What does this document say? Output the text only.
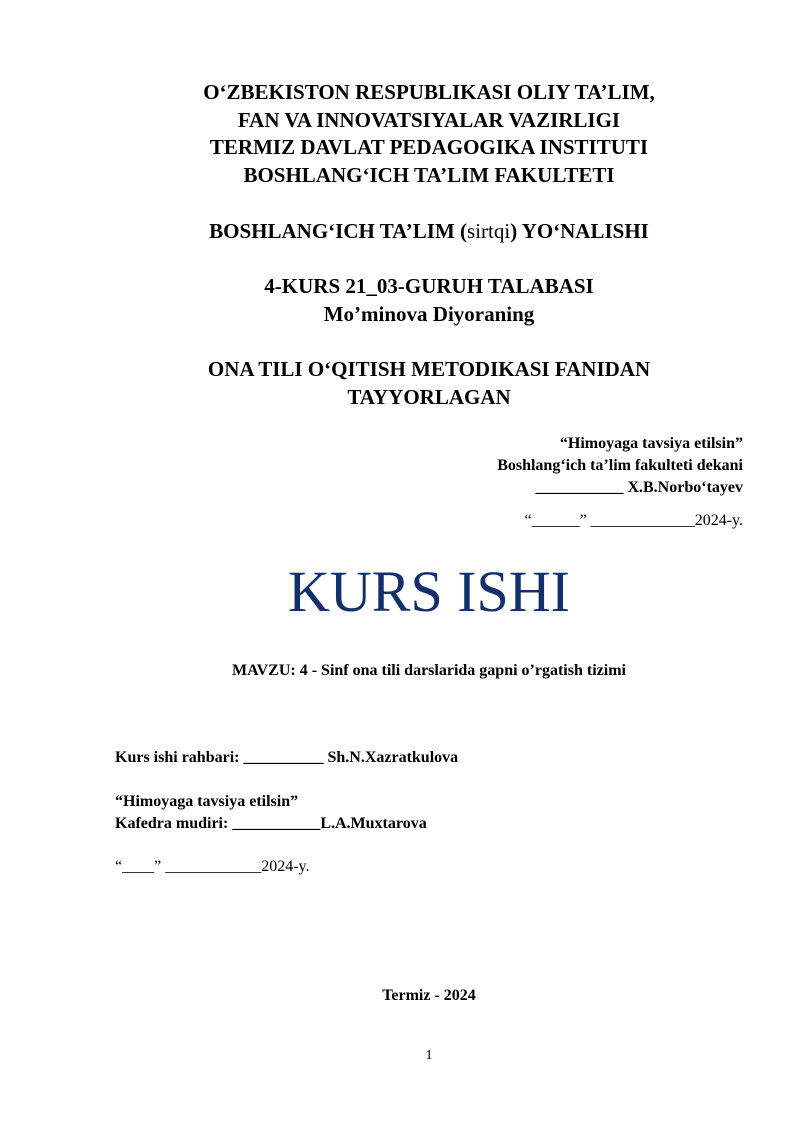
O‘ZBEKISTON RESPUBLIKASI OLIY TA’LIM,
FAN VA INNOVATSIYALAR VAZIRLIGI
TERMIZ DAVLAT PEDAGOGIKA INSTITUTI
BOSHLANG‘ICH TA’LIM FAKULTETI
BOSHLANG‘ICH TA’LIM (sirtqi) YO‘NALISHI
4-KURS 21_03-GURUH TALABASI
Mo’minova Diyoraning
ONA TILI O‘QITISH METODIKASI FANIDAN
TAYYORLAGAN
“Himoyaga tavsiya etilsin”
Boshlang‘ich ta’lim fakulteti dekani
___________ X.B.Norbo‘tayev
“______” _____________2024-y.
KURS ISHI
MAVZU: 4 - Sinf ona tili darslarida gapni o’rgatish tizimi
Kurs ishi rahbari: __________ Sh.N.Xazratkulova
“Himoyaga tavsiya etilsin”
Kafedra mudiri: ___________L.A.Muxtarova
“____” ____________2024-y.
Termiz - 2024
1
